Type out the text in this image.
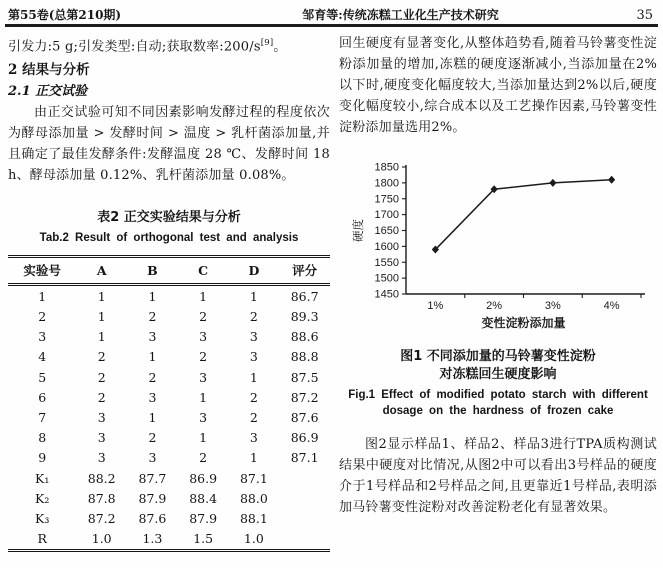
第55卷(总第210期)	邹育等:传统冻糕工业化生产技术研究	35
引发力:5 g;引发类型:自动;获取数率:200/s[9]。
2 结果与分析
2.1 正交试验
由正交试验可知不同因素影响发酵过程的程度依次为酵母添加量 > 发酵时间 > 温度 > 乳杆菌添加量,并且确定了最佳发酵条件:发酵温度 28 ℃、发酵时间 18 h、酵母添加量 0.12%、乳杆菌添加量 0.08%。
表2 正交实验结果与分析
Tab.2 Result of orthogonal test and analysis
实验号	A	B	C	D	评分
1	1	1	1	1	86.7
2	1	2	2	2	89.3
3	1	3	3	3	88.6
4	2	1	2	3	88.8
5	2	2	3	1	87.5
6	2	3	1	2	87.2
7	3	1	3	2	87.6
8	3	2	1	3	86.9
9	3	3	2	1	87.1
K₁	88.2	87.7	86.9	87.1	
K₂	87.8	87.9	88.4	88.0	
K₃	87.2	87.6	87.9	88.1	
R	1.0	1.3	1.5	1.0	
回生硬度有显著变化,从整体趋势看,随着马铃薯变性淀粉添加量的增加,冻糕的硬度逐渐减小,当添加量在2%以下时,硬度变化幅度较大,当添加量达到2%以后,硬度变化幅度较小,综合成本以及工艺操作因素,马铃薯变性淀粉添加量选用2%。
1450
1500
1550
1600
1650
1700
1750
1800
1850
1%	2%	3%	4%
变性淀粉添加量
硬度
图1 不同添加量的马铃薯变性淀粉
对冻糕回生硬度影响
Fig.1 Effect of modified potato starch with different
dosage on the hardness of frozen cake
图2显示样品1、样品2、样品3进行TPA质构测试结果中硬度对比情况,从图2中可以看出3号样品的硬度介于1号样品和2号样品之间,且更靠近1号样品,表明添加马铃薯变性淀粉对改善淀粉老化有显著效果。
